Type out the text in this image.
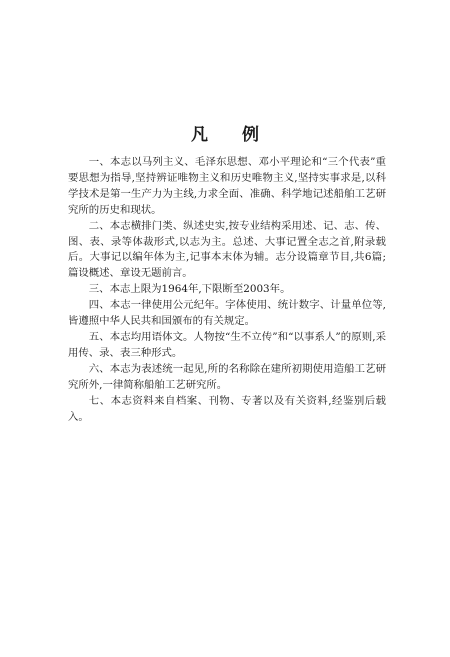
凡 例

一、本志以马列主义、毛泽东思想、邓小平理论和“三个代表”重要思想为指导,坚持辨证唯物主义和历史唯物主义,坚持实事求是,以科学技术是第一生产力为主线,力求全面、准确、科学地记述船舶工艺研究所的历史和现状。

二、本志横排门类、纵述史实,按专业结构采用述、记、志、传、图、表、录等体裁形式,以志为主。总述、大事记置全志之首,附录载后。大事记以编年体为主,记事本末体为辅。志分设篇章节目,共6篇;篇设概述、章设无题前言。

三、本志上限为1964年,下限断至2003年。

四、本志一律使用公元纪年。字体使用、统计数字、计量单位等,皆遵照中华人民共和国颁布的有关规定。

五、本志均用语体文。人物按“生不立传”和“以事系人”的原则,采用传、录、表三种形式。

六、本志为表述统一起见,所的名称除在建所初期使用造船工艺研究所外,一律简称船舶工艺研究所。

七、本志资料来自档案、刊物、专著以及有关资料,经鉴别后载入。
